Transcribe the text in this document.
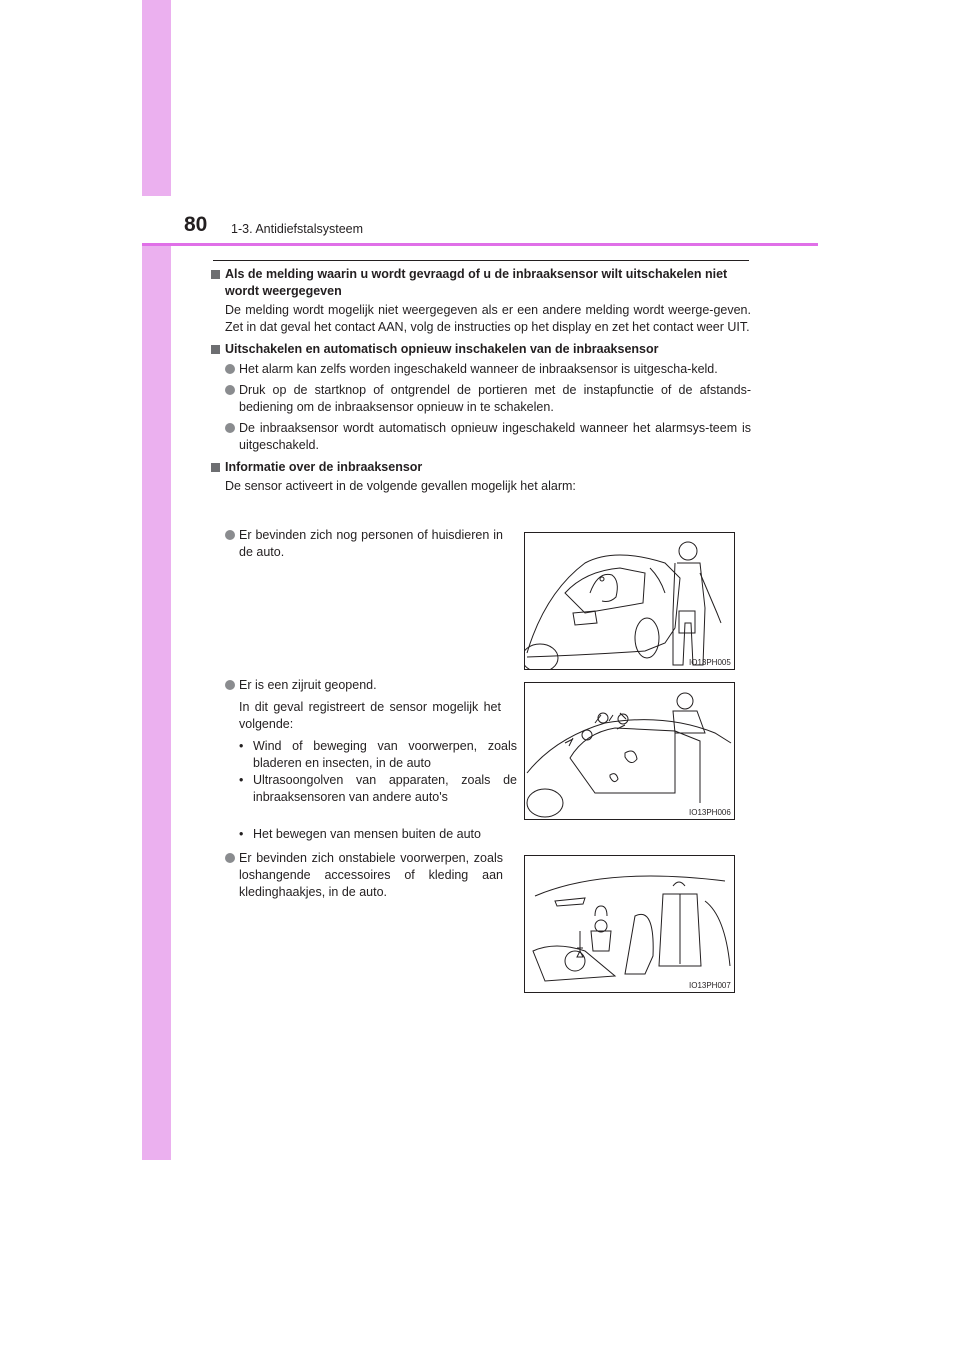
80 1-3. Antidiefstalsysteem

Als de melding waarin u wordt gevraagd of u de inbraaksensor wilt uitschakelen niet wordt weergegeven

De melding wordt mogelijk niet weergegeven als er een andere melding wordt weerge-geven. Zet in dat geval het contact AAN, volg de instructies op het display en zet het contact weer UIT.

Uitschakelen en automatisch opnieuw inschakelen van de inbraaksensor

Het alarm kan zelfs worden ingeschakeld wanneer de inbraaksensor is uitgescha-keld.

Druk op de startknop of ontgrendel de portieren met de instapfunctie of de afstands-bediening om de inbraaksensor opnieuw in te schakelen.

De inbraaksensor wordt automatisch opnieuw ingeschakeld wanneer het alarmsys-teem is uitgeschakeld.

Informatie over de inbraaksensor

De sensor activeert in de volgende gevallen mogelijk het alarm:

Er bevinden zich nog personen of huisdieren in de auto.

Er is een zijruit geopend.

In dit geval registreert de sensor mogelijk het volgende:

• Wind of beweging van voorwerpen, zoals bladeren en insecten, in de auto

• Ultrasoongolven van apparaten, zoals de inbraaksensoren van andere auto's

• Het bewegen van mensen buiten de auto

Er bevinden zich onstabiele voorwerpen, zoals loshangende accessoires of kleding aan kledinghaakjes, in de auto.

IO13PH005
IO13PH006
IO13PH007
